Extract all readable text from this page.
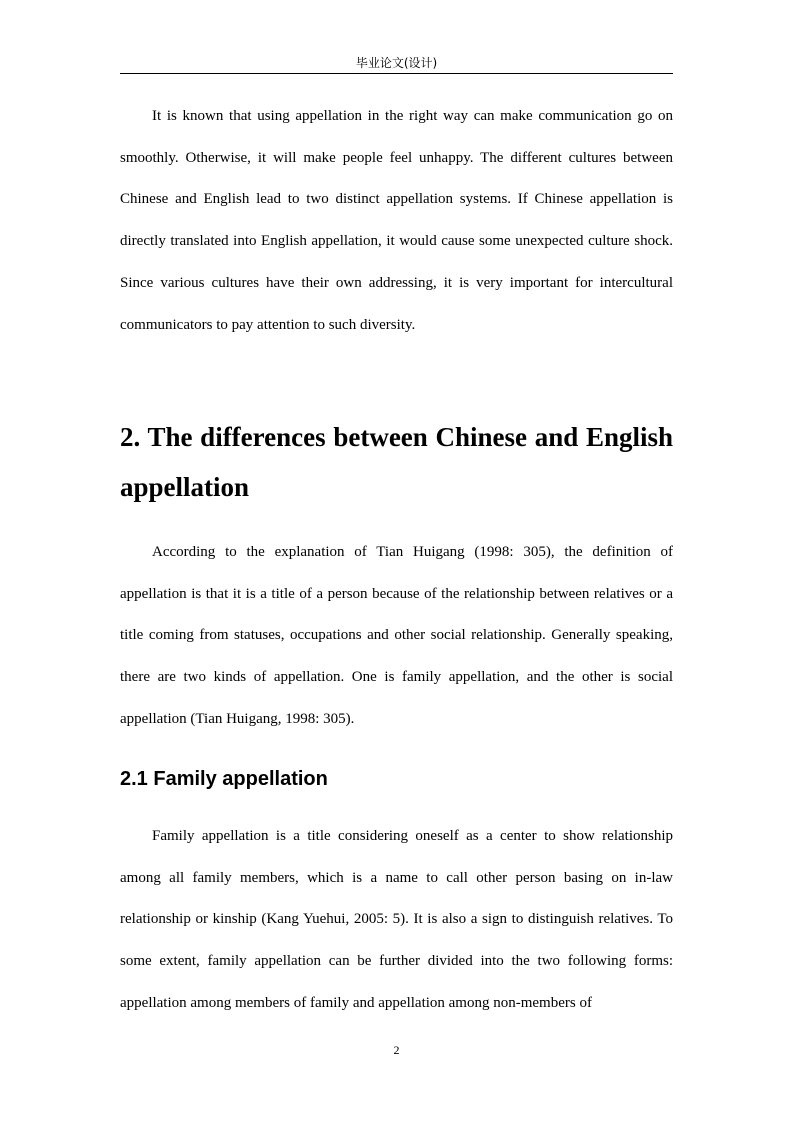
毕业论文(设计)

It is known that using appellation in the right way can make communication go on smoothly. Otherwise, it will make people feel unhappy. The different cultures between Chinese and English lead to two distinct appellation systems. If Chinese appellation is directly translated into English appellation, it would cause some unexpected culture shock. Since various cultures have their own addressing, it is very important for intercultural communicators to pay attention to such diversity.

2. The differences between Chinese and English appellation

According to the explanation of Tian Huigang (1998: 305), the definition of appellation is that it is a title of a person because of the relationship between relatives or a title coming from statuses, occupations and other social relationship. Generally speaking, there are two kinds of appellation. One is family appellation, and the other is social appellation (Tian Huigang, 1998: 305).

2.1 Family appellation

Family appellation is a title considering oneself as a center to show relationship among all family members, which is a name to call other person basing on in-law relationship or kinship (Kang Yuehui, 2005: 5). It is also a sign to distinguish relatives. To some extent, family appellation can be further divided into the two following forms: appellation among members of family and appellation among non-members of

2
